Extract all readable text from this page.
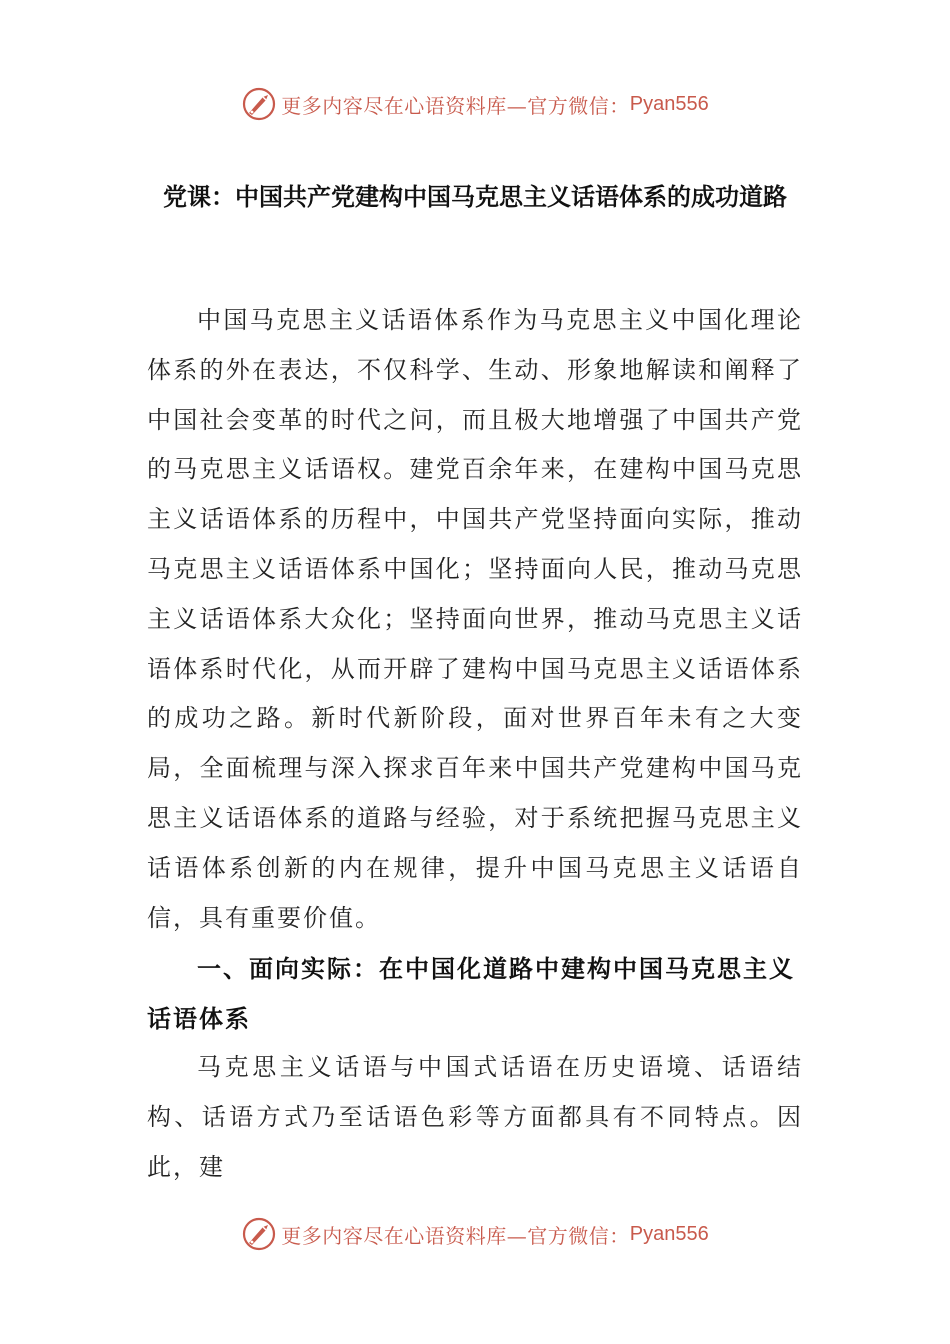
更多内容尽在心语资料库—官方微信： Pyan556
党课：中国共产党建构中国马克思主义话语体系的成功道路

中国马克思主义话语体系作为马克思主义中国化理论体系的外在表达，不仅科学、生动、形象地解读和阐释了中国社会变革的时代之问，而且极大地增强了中国共产党的马克思主义话语权。建党百余年来，在建构中国马克思主义话语体系的历程中，中国共产党坚持面向实际，推动马克思主义话语体系中国化；坚持面向人民，推动马克思主义话语体系大众化；坚持面向世界，推动马克思主义话语体系时代化，从而开辟了建构中国马克思主义话语体系的成功之路。新时代新阶段，面对世界百年未有之大变局，全面梳理与深入探求百年来中国共产党建构中国马克思主义话语体系的道路与经验，对于系统把握马克思主义话语体系创新的内在规律，提升中国马克思主义话语自信，具有重要价值。

一、面向实际：在中国化道路中建构中国马克思主义话语体系

马克思主义话语与中国式话语在历史语境、话语结构、话语方式乃至话语色彩等方面都具有不同特点。因此，建

更多内容尽在心语资料库—官方微信： Pyan556
